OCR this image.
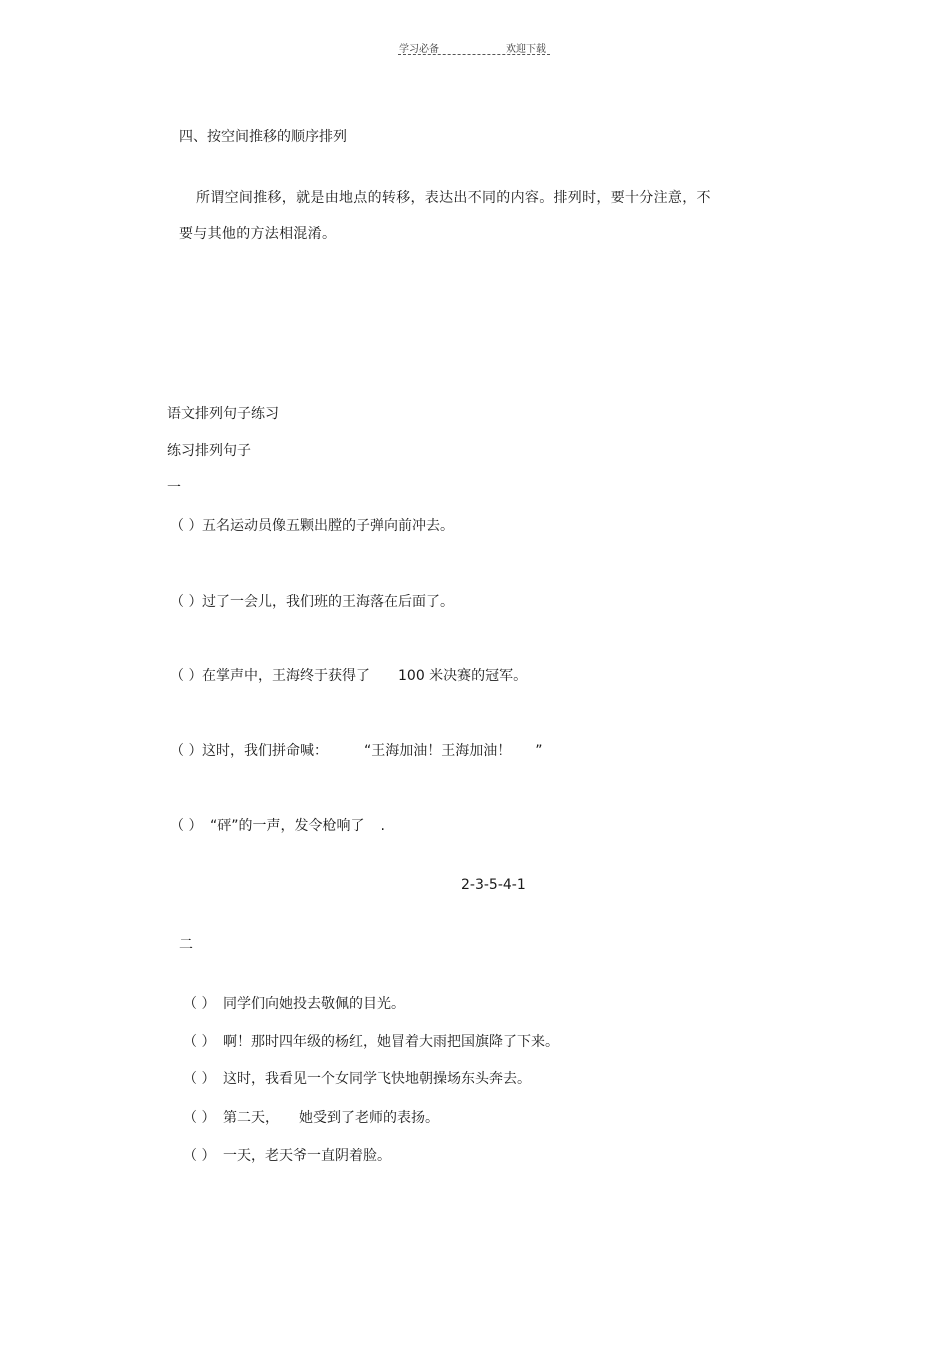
学习必备	欢迎下载
四、按空间推移的顺序排列
所谓空间推移，就是由地点的转移，表达出不同的内容。排列时，要十分注意，不
要与其他的方法相混淆。
语文排列句子练习
练习排列句子
一
（ ）五名运动员像五颗出膛的子弹向前冲去。
（ ）过了一会儿，我们班的王海落在后面了。
（ ）在掌声中，王海终于获得了 100 米决赛的冠军。
（ ）这时，我们拼命喊：	“王海加油！王海加油！ ”
（ ） “砰”的一声，发令枪响了 .
2-3-5-4-1
二
（ ） 同学们向她投去敬佩的目光。
（ ） 啊！那时四年级的杨红，她冒着大雨把国旗降了下来。
（ ） 这时，我看见一个女同学飞快地朝操场东头奔去。
（ ） 第二天， 她受到了老师的表扬。
（ ） 一天，老天爷一直阴着脸。
